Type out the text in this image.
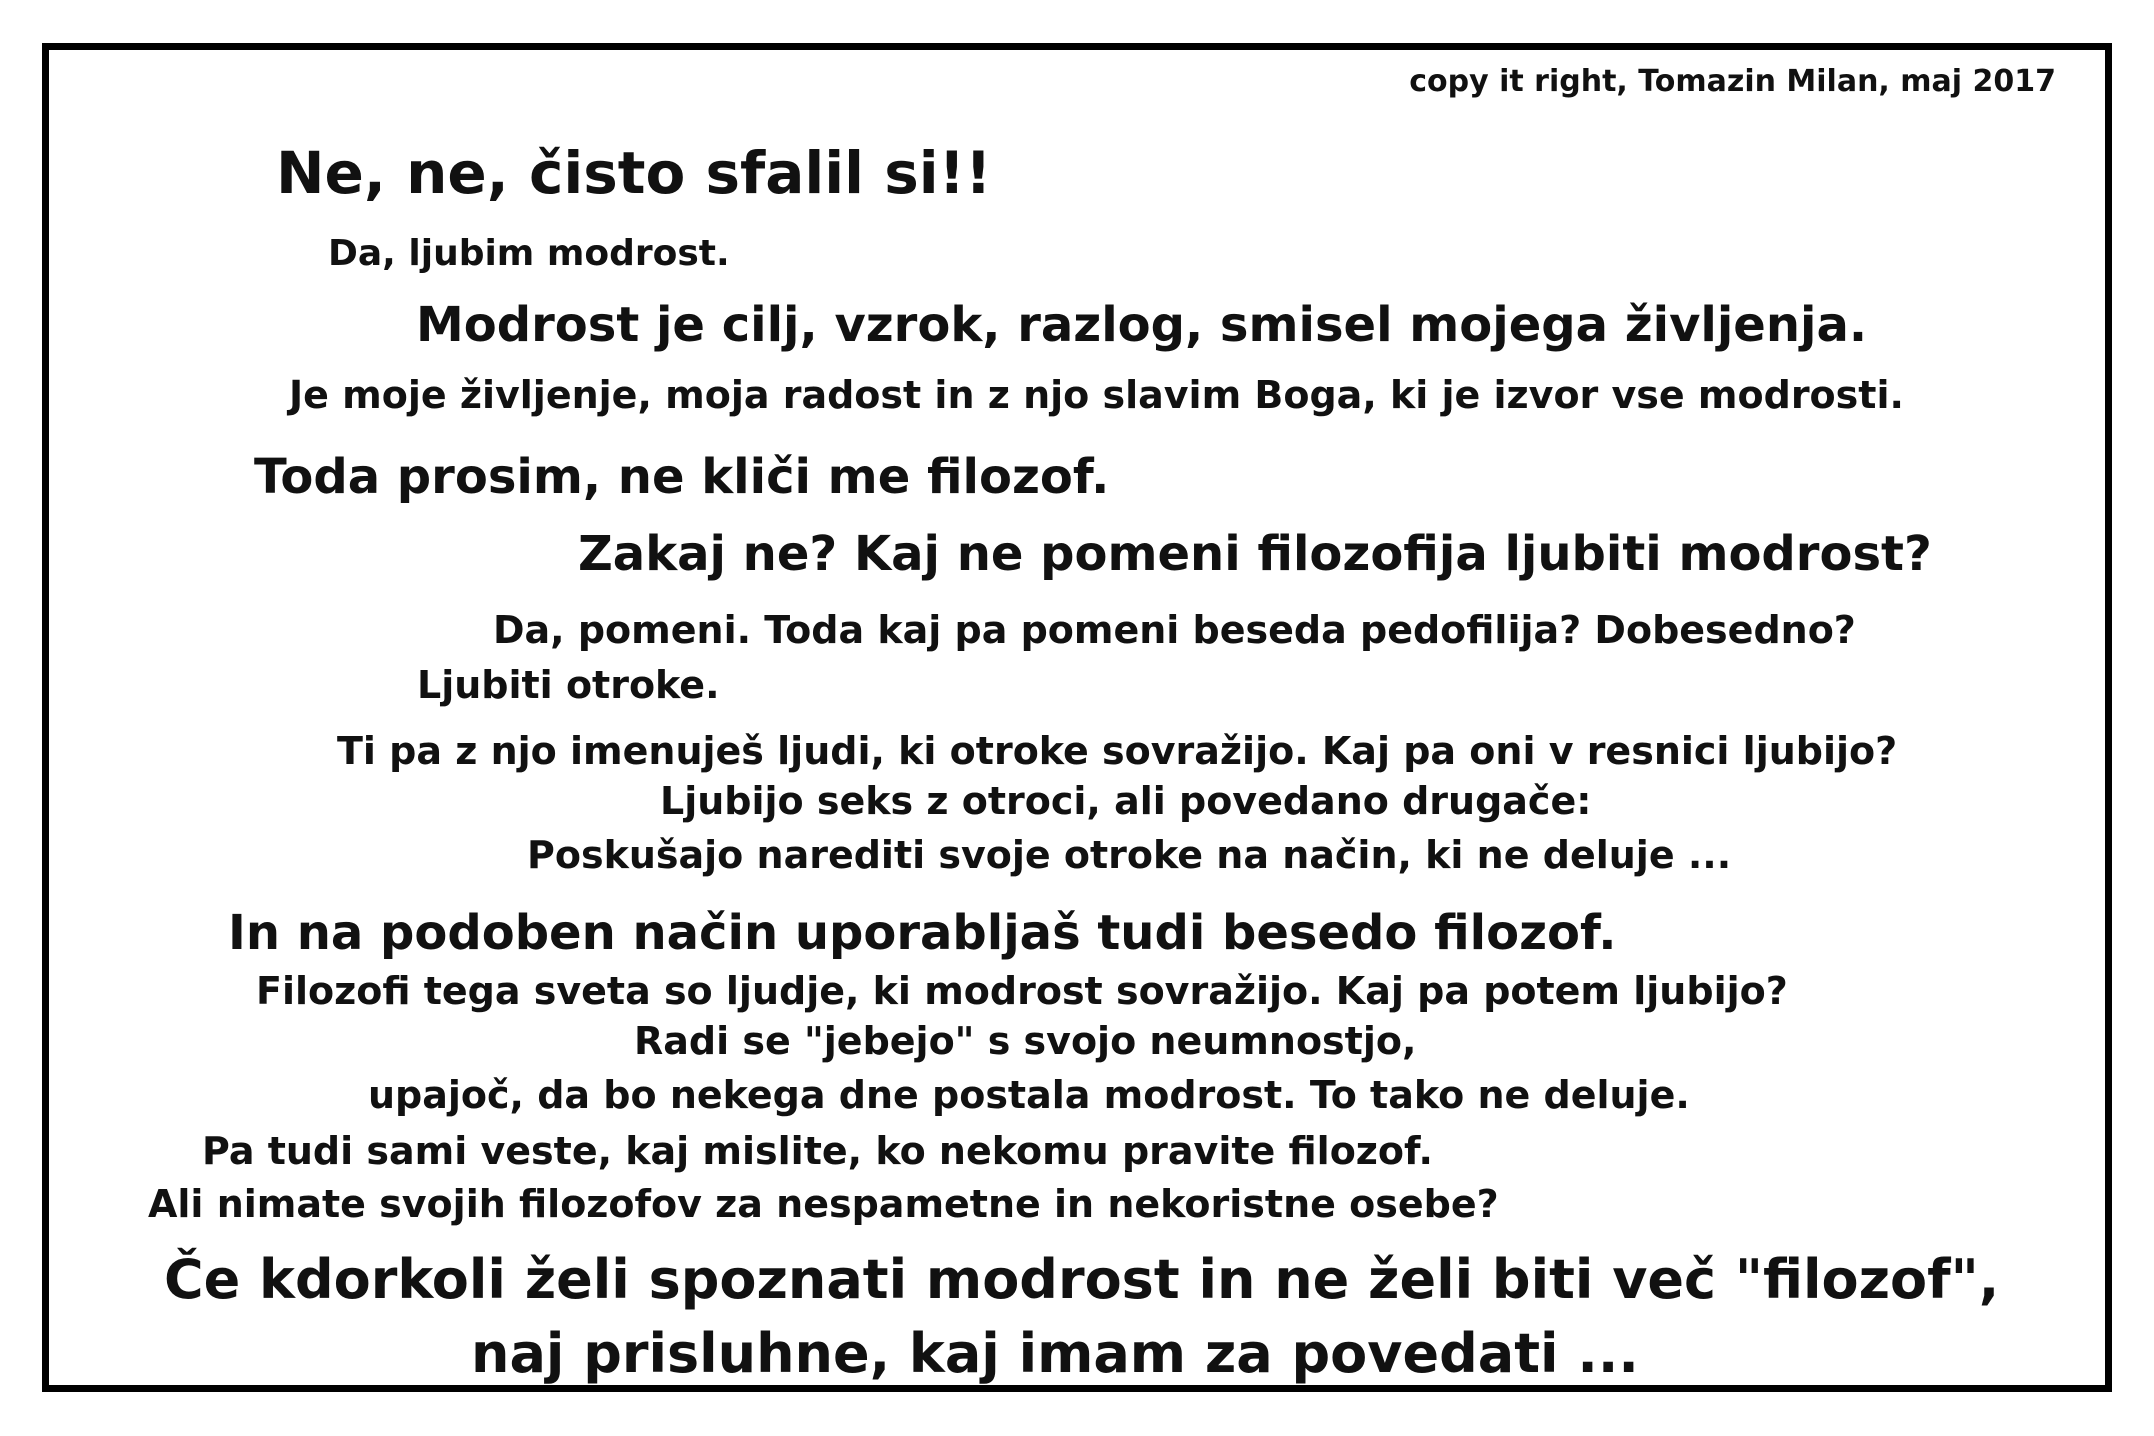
copy it right, Tomazin Milan, maj 2017
Ne, ne, čisto sfalil si!!
Da, ljubim modrost.
Modrost je cilj, vzrok, razlog, smisel mojega življenja.
Je moje življenje, moja radost in z njo slavim Boga, ki je izvor vse modrosti.
Toda prosim, ne kliči me filozof.
Zakaj ne? Kaj ne pomeni filozofija ljubiti modrost?
Da, pomeni. Toda kaj pa pomeni beseda pedofilija? Dobesedno?
Ljubiti otroke.
Ti pa z njo imenuješ ljudi, ki otroke sovražijo. Kaj pa oni v resnici ljubijo?
Ljubijo seks z otroci, ali povedano drugače:
Poskušajo narediti svoje otroke na način, ki ne deluje ...
In na podoben način uporabljaš tudi besedo filozof.
Filozofi tega sveta so ljudje, ki modrost sovražijo. Kaj pa potem ljubijo?
Radi se "jebejo" s svojo neumnostjo,
upajoč, da bo nekega dne postala modrost. To tako ne deluje.
Pa tudi sami veste, kaj mislite, ko nekomu pravite filozof.
Ali nimate svojih filozofov za nespametne in nekoristne osebe?
Če kdorkoli želi spoznati modrost in ne želi biti več "filozof",
naj prisluhne, kaj imam za povedati ...
